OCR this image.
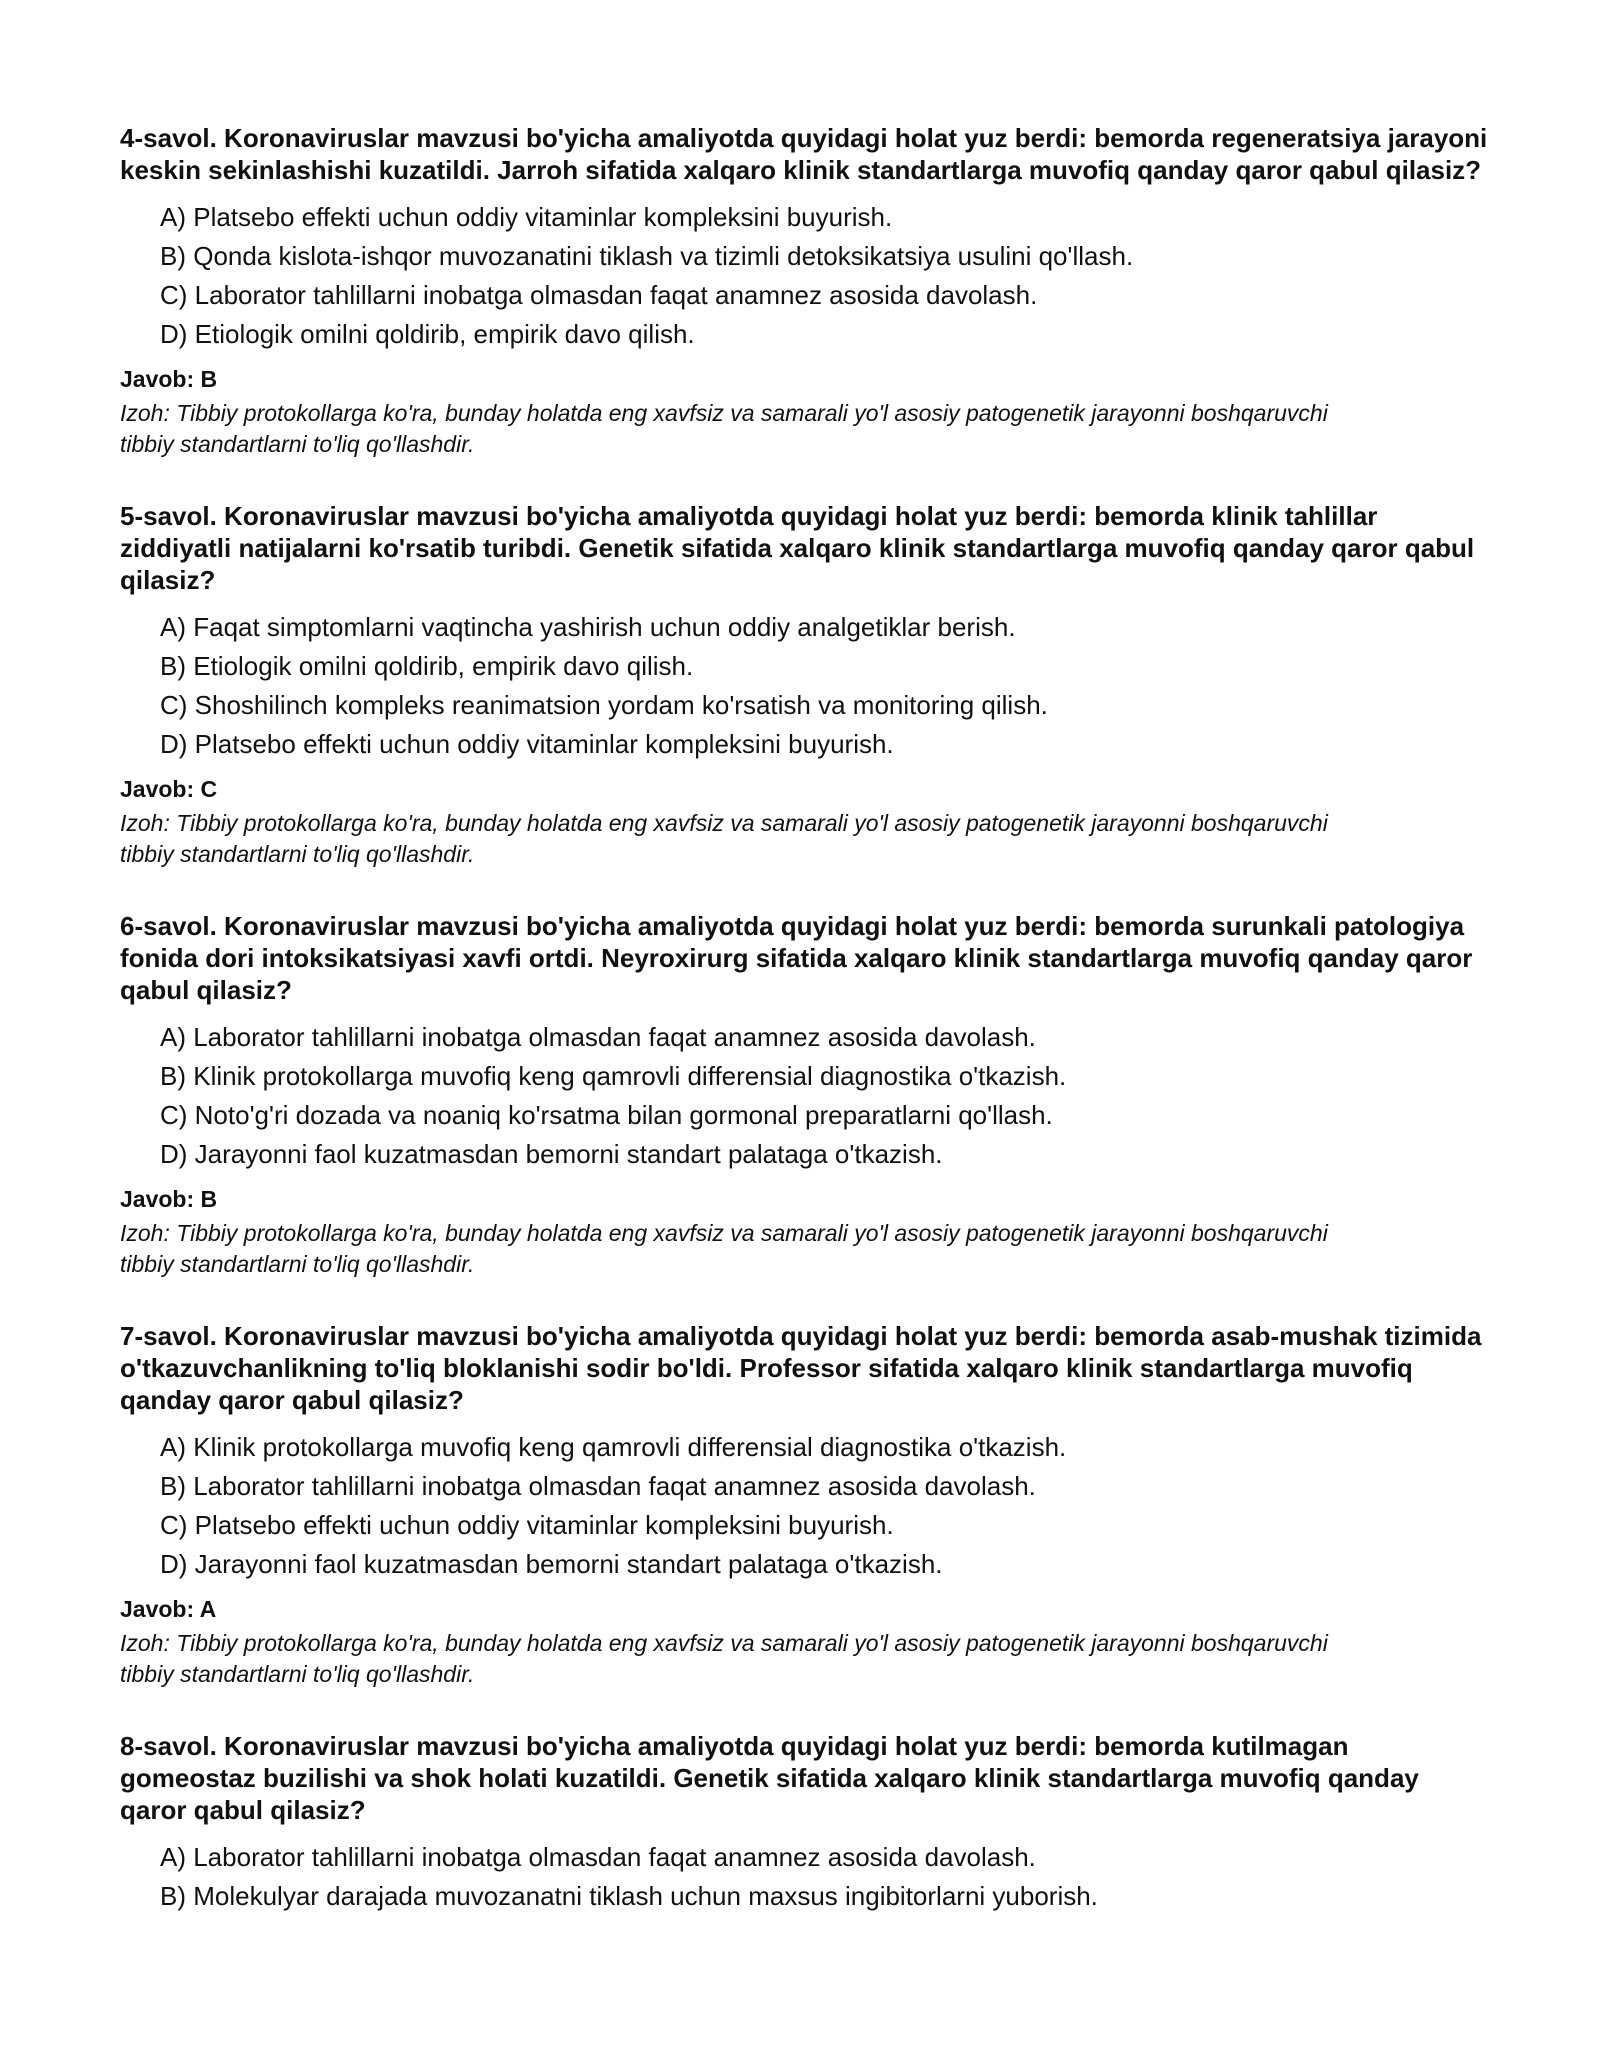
4-savol. Koronaviruslar mavzusi bo'yicha amaliyotda quyidagi holat yuz berdi: bemorda regeneratsiya jarayoni keskin sekinlashishi kuzatildi. Jarroh sifatida xalqaro klinik standartlarga muvofiq qanday qaror qabul qilasiz?

A) Platsebo effekti uchun oddiy vitaminlar kompleksini buyurish.
B) Qonda kislota-ishqor muvozanatini tiklash va tizimli detoksikatsiya usulini qo'llash.
C) Laborator tahlillarni inobatga olmasdan faqat anamnez asosida davolash.
D) Etiologik omilni qoldirib, empirik davo qilish.

Javob: B

Izoh: Tibbiy protokollarga ko'ra, bunday holatda eng xavfsiz va samarali yo'l asosiy patogenetik jarayonni boshqaruvchi tibbiy standartlarni to'liq qo'llashdir.

5-savol. Koronaviruslar mavzusi bo'yicha amaliyotda quyidagi holat yuz berdi: bemorda klinik tahlillar ziddiyatli natijalarni ko'rsatib turibdi. Genetik sifatida xalqaro klinik standartlarga muvofiq qanday qaror qabul qilasiz?

A) Faqat simptomlarni vaqtincha yashirish uchun oddiy analgetiklar berish.
B) Etiologik omilni qoldirib, empirik davo qilish.
C) Shoshilinch kompleks reanimatsion yordam ko'rsatish va monitoring qilish.
D) Platsebo effekti uchun oddiy vitaminlar kompleksini buyurish.

Javob: C

Izoh: Tibbiy protokollarga ko'ra, bunday holatda eng xavfsiz va samarali yo'l asosiy patogenetik jarayonni boshqaruvchi tibbiy standartlarni to'liq qo'llashdir.

6-savol. Koronaviruslar mavzusi bo'yicha amaliyotda quyidagi holat yuz berdi: bemorda surunkali patologiya fonida dori intoksikatsiyasi xavfi ortdi. Neyroxirurg sifatida xalqaro klinik standartlarga muvofiq qanday qaror qabul qilasiz?

A) Laborator tahlillarni inobatga olmasdan faqat anamnez asosida davolash.
B) Klinik protokollarga muvofiq keng qamrovli differensial diagnostika o'tkazish.
C) Noto'g'ri dozada va noaniq ko'rsatma bilan gormonal preparatlarni qo'llash.
D) Jarayonni faol kuzatmasdan bemorni standart palataga o'tkazish.

Javob: B

Izoh: Tibbiy protokollarga ko'ra, bunday holatda eng xavfsiz va samarali yo'l asosiy patogenetik jarayonni boshqaruvchi tibbiy standartlarni to'liq qo'llashdir.

7-savol. Koronaviruslar mavzusi bo'yicha amaliyotda quyidagi holat yuz berdi: bemorda asab-mushak tizimida o'tkazuvchanlikning to'liq bloklanishi sodir bo'ldi. Professor sifatida xalqaro klinik standartlarga muvofiq qanday qaror qabul qilasiz?

A) Klinik protokollarga muvofiq keng qamrovli differensial diagnostika o'tkazish.
B) Laborator tahlillarni inobatga olmasdan faqat anamnez asosida davolash.
C) Platsebo effekti uchun oddiy vitaminlar kompleksini buyurish.
D) Jarayonni faol kuzatmasdan bemorni standart palataga o'tkazish.

Javob: A

Izoh: Tibbiy protokollarga ko'ra, bunday holatda eng xavfsiz va samarali yo'l asosiy patogenetik jarayonni boshqaruvchi tibbiy standartlarni to'liq qo'llashdir.

8-savol. Koronaviruslar mavzusi bo'yicha amaliyotda quyidagi holat yuz berdi: bemorda kutilmagan gomeostaz buzilishi va shok holati kuzatildi. Genetik sifatida xalqaro klinik standartlarga muvofiq qanday qaror qabul qilasiz?

A) Laborator tahlillarni inobatga olmasdan faqat anamnez asosida davolash.
B) Molekulyar darajada muvozanatni tiklash uchun maxsus ingibitorlarni yuborish.
